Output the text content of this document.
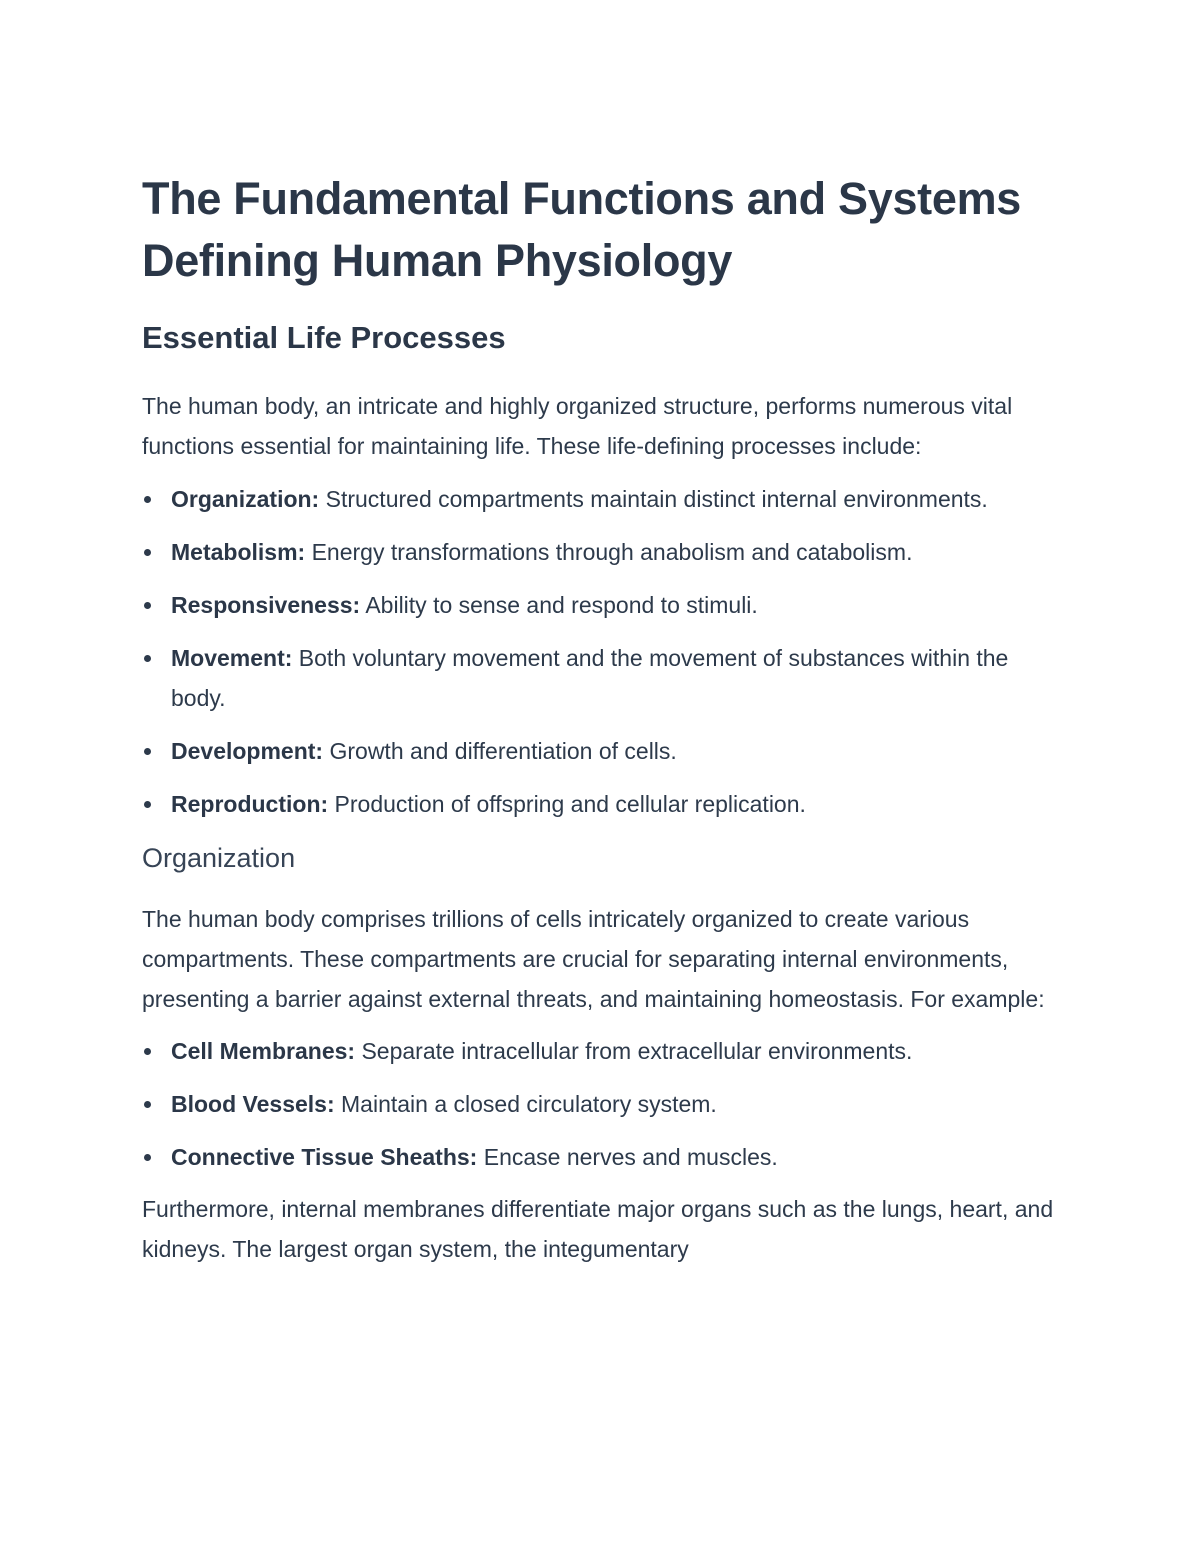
The Fundamental Functions and Systems Defining Human Physiology
Essential Life Processes

The human body, an intricate and highly organized structure, performs numerous vital functions essential for maintaining life. These life-defining processes include:

Organization: Structured compartments maintain distinct internal environments.
Metabolism: Energy transformations through anabolism and catabolism.
Responsiveness: Ability to sense and respond to stimuli.
Movement: Both voluntary movement and the movement of substances within the body.
Development: Growth and differentiation of cells.
Reproduction: Production of offspring and cellular replication.
Organization

The human body comprises trillions of cells intricately organized to create various compartments. These compartments are crucial for separating internal environments, presenting a barrier against external threats, and maintaining homeostasis. For example:

Cell Membranes: Separate intracellular from extracellular environments.
Blood Vessels: Maintain a closed circulatory system.
Connective Tissue Sheaths: Encase nerves and muscles.

Furthermore, internal membranes differentiate major organs such as the lungs, heart, and kidneys. The largest organ system, the integumentary
